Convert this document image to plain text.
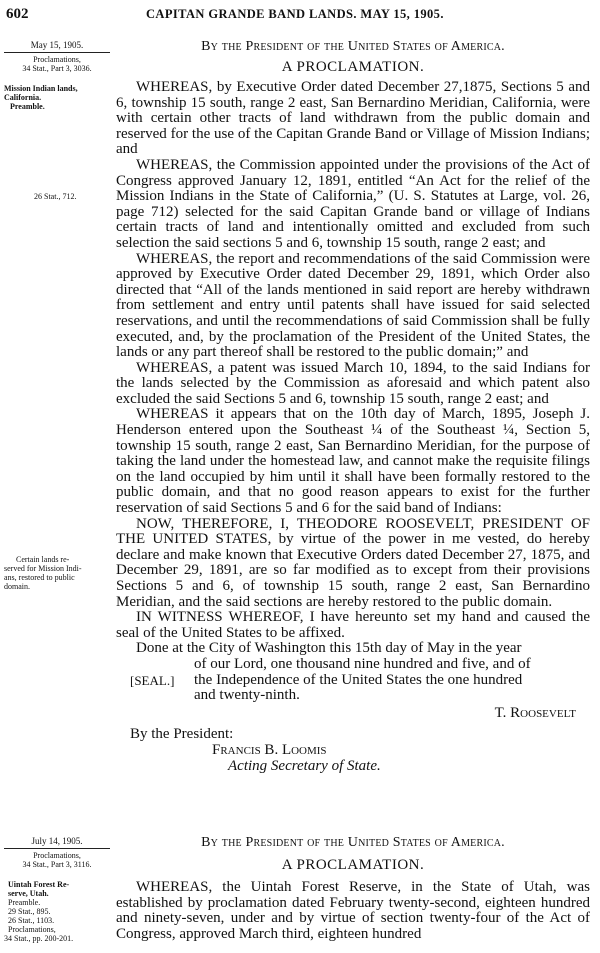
602	CAPITAN GRANDE BAND LANDS. MAY 15, 1905.
May 15, 1905.
Proclamations,
34 Stat., Part 3, 3036.
Mission Indian lands,
California.
Preamble.
26 Stat., 712.
Certain lands re-
served for Mission Indi-
ans, restored to public
domain.
July 14, 1905.
Proclamations,
34 Stat., Part 3, 3116.
Uintah Forest Re-
serve, Utah.
Preamble.
29 Stat., 895.
26 Stat., 1103.
Proclamations,
34 Stat., pp. 200-201.
By the President of the United States of America.
A PROCLAMATION.

WHEREAS, by Executive Order dated December 27,1875, Sections 5 and 6, township 15 south, range 2 east, San Bernardino Meridian, California, were with certain other tracts of land withdrawn from the public domain and reserved for the use of the Capitan Grande Band or Village of Mission Indians; and

WHEREAS, the Commission appointed under the provisions of the Act of Congress approved January 12, 1891, entitled “An Act for the relief of the Mission Indians in the State of California,” (U. S. Statutes at Large, vol. 26, page 712) selected for the said Capitan Grande band or village of Indians certain tracts of land and intentionally omitted and excluded from such selection the said sections 5 and 6, township 15 south, range 2 east; and

WHEREAS, the report and recommendations of the said Commission were approved by Executive Order dated December 29, 1891, which Order also directed that “All of the lands mentioned in said report are hereby withdrawn from settlement and entry until patents shall have issued for said selected reservations, and until the recommendations of said Commission shall be fully executed, and, by the proclamation of the President of the United States, the lands or any part thereof shall be restored to the public domain;” and

WHEREAS, a patent was issued March 10, 1894, to the said Indians for the lands selected by the Commission as aforesaid and which patent also excluded the said Sections 5 and 6, township 15 south, range 2 east; and

WHEREAS it appears that on the 10th day of March, 1895, Joseph J. Henderson entered upon the Southeast ¼ of the Southeast ¼, Section 5, township 15 south, range 2 east, San Bernardino Meridian, for the purpose of taking the land under the homestead law, and cannot make the requisite filings on the land occupied by him until it shall have been formally restored to the public domain, and that no good reason appears to exist for the further reservation of said Sections 5 and 6 for the said band of Indians:

NOW, THEREFORE, I, THEODORE ROOSEVELT, PRESIDENT OF THE UNITED STATES, by virtue of the power in me vested, do hereby declare and make known that Executive Orders dated December 27, 1875, and December 29, 1891, are so far modified as to except from their provisions Sections 5 and 6, of township 15 south, range 2 east, San Bernardino Meridian, and the said sections are hereby restored to the public domain.

IN WITNESS WHEREOF, I have hereunto set my hand and caused the seal of the United States to be affixed.

Done at the City of Washington this 15th day of May in the year
of our Lord, one thousand nine hundred and five, and of
the Independence of the United States the one hundred
[SEAL.]
and twenty-ninth.
T. Roosevelt
By the President:
Francis B. Loomis
Acting Secretary of State.
By the President of the United States of America.
A PROCLAMATION.

WHEREAS, the Uintah Forest Reserve, in the State of Utah, was established by proclamation dated February twenty-second, eighteen hundred and ninety-seven, under and by virtue of section twenty-four of the Act of Congress, approved March third, eighteen hundred
